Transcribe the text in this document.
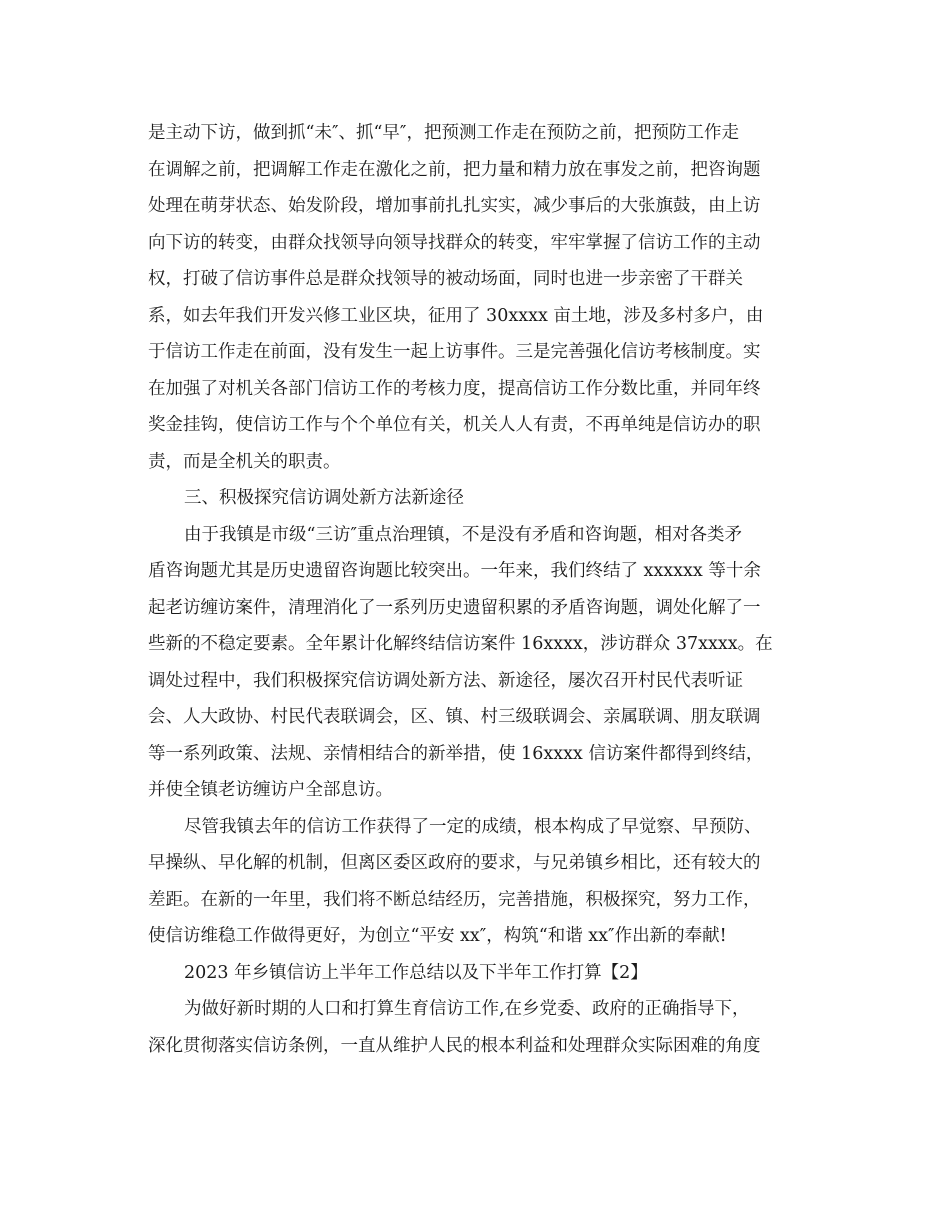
是主动下访，做到抓“未″、抓“早″，把预测工作走在预防之前，把预防工作走

在调解之前，把调解工作走在激化之前，把力量和精力放在事发之前，把咨询题

处理在萌芽状态、始发阶段，增加事前扎扎实实，减少事后的大张旗鼓，由上访

向下访的转变，由群众找领导向领导找群众的转变，牢牢掌握了信访工作的主动

权，打破了信访事件总是群众找领导的被动场面，同时也进一步亲密了干群关

系，如去年我们开发兴修工业区块，征用了 30xxxx 亩土地，涉及多村多户，由

于信访工作走在前面，没有发生一起上访事件。三是完善强化信访考核制度。实

在加强了对机关各部门信访工作的考核力度，提高信访工作分数比重，并同年终

奖金挂钩，使信访工作与个个单位有关，机关人人有责，不再单纯是信访办的职

责，而是全机关的职责。

三、积极探究信访调处新方法新途径

由于我镇是市级“三访″重点治理镇，不是没有矛盾和咨询题，相对各类矛

盾咨询题尤其是历史遗留咨询题比较突出。一年来，我们终结了 xxxxxx 等十余

起老访缠访案件，清理消化了一系列历史遗留积累的矛盾咨询题，调处化解了一

些新的不稳定要素。全年累计化解终结信访案件 16xxxx，涉访群众 37xxxx。在

调处过程中，我们积极探究信访调处新方法、新途径，屡次召开村民代表听证

会、人大政协、村民代表联调会，区、镇、村三级联调会、亲属联调、朋友联调

等一系列政策、法规、亲情相结合的新举措，使 16xxxx 信访案件都得到终结，

并使全镇老访缠访户全部息访。

尽管我镇去年的信访工作获得了一定的成绩，根本构成了早觉察、早预防、

早操纵、早化解的机制，但离区委区政府的要求，与兄弟镇乡相比，还有较大的

差距。在新的一年里，我们将不断总结经历，完善措施，积极探究，努力工作，

使信访维稳工作做得更好，为创立“平安 xx″，构筑“和谐 xx″作出新的奉献!

2023 年乡镇信访上半年工作总结以及下半年工作打算【2】

为做好新时期的人口和打算生育信访工作,在乡党委、政府的正确指导下，

深化贯彻落实信访条例，一直从维护人民的根本利益和处理群众实际困难的角度
